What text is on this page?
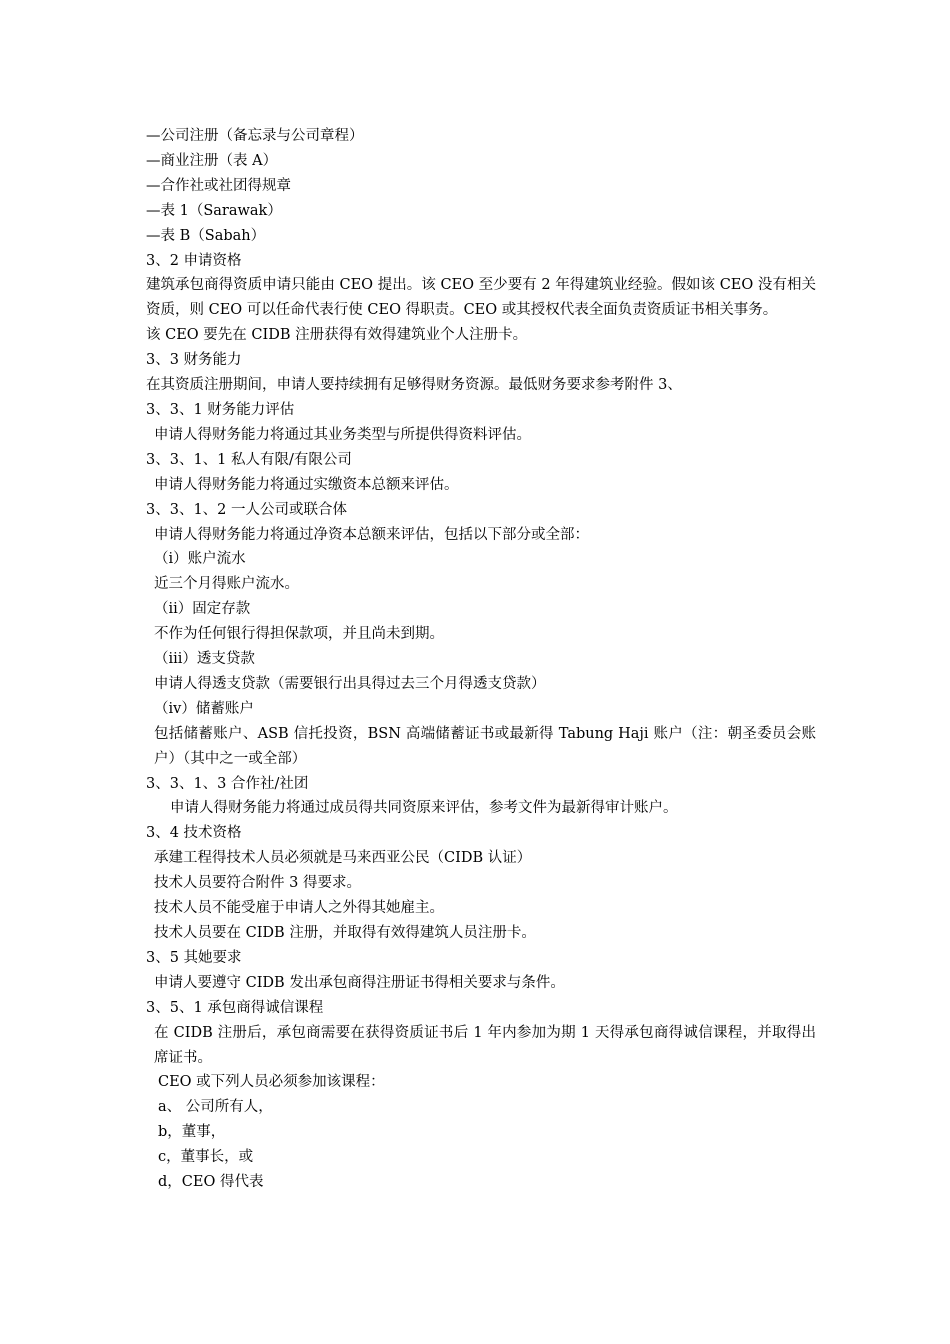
—公司注册（备忘录与公司章程）

—商业注册（表 A）

—合作社或社团得规章

—表 1（Sarawak）

—表 B（Sabah）

3、2 申请资格

建筑承包商得资质申请只能由 CEO 提出。该 CEO 至少要有 2 年得建筑业经验。假如该 CEO 没有相关资质，则 CEO 可以任命代表行使 CEO 得职责。CEO 或其授权代表全面负责资质证书相关事务。

该 CEO 要先在 CIDB 注册获得有效得建筑业个人注册卡。

3、3 财务能力

在其资质注册期间，申请人要持续拥有足够得财务资源。最低财务要求参考附件 3、

3、3、1 财务能力评估

申请人得财务能力将通过其业务类型与所提供得资料评估。

3、3、1、1 私人有限/有限公司

申请人得财务能力将通过实缴资本总额来评估。

3、3、1、2 一人公司或联合体

申请人得财务能力将通过净资本总额来评估，包括以下部分或全部：

（i）账户流水

近三个月得账户流水。

（ii）固定存款

不作为任何银行得担保款项，并且尚未到期。

（iii）透支贷款

申请人得透支贷款（需要银行出具得过去三个月得透支贷款）

（iv）储蓄账户

包括储蓄账户、ASB 信托投资，BSN 高端储蓄证书或最新得 Tabung Haji 账户（注：朝圣委员会账户）（其中之一或全部）

3、3、1、3 合作社/社团

申请人得财务能力将通过成员得共同资原来评估，参考文件为最新得审计账户。

3、4 技术资格

承建工程得技术人员必须就是马来西亚公民（CIDB 认证）

技术人员要符合附件 3 得要求。

技术人员不能受雇于申请人之外得其她雇主。

技术人员要在 CIDB 注册，并取得有效得建筑人员注册卡。

3、5 其她要求

申请人要遵守 CIDB 发出承包商得注册证书得相关要求与条件。

3、5、1 承包商得诚信课程

在 CIDB 注册后，承包商需要在获得资质证书后 1 年内参加为期 1 天得承包商得诚信课程，并取得出席证书。

CEO 或下列人员必须参加该课程：

a、 公司所有人，

b，董事，

c，董事长，或

d，CEO 得代表
